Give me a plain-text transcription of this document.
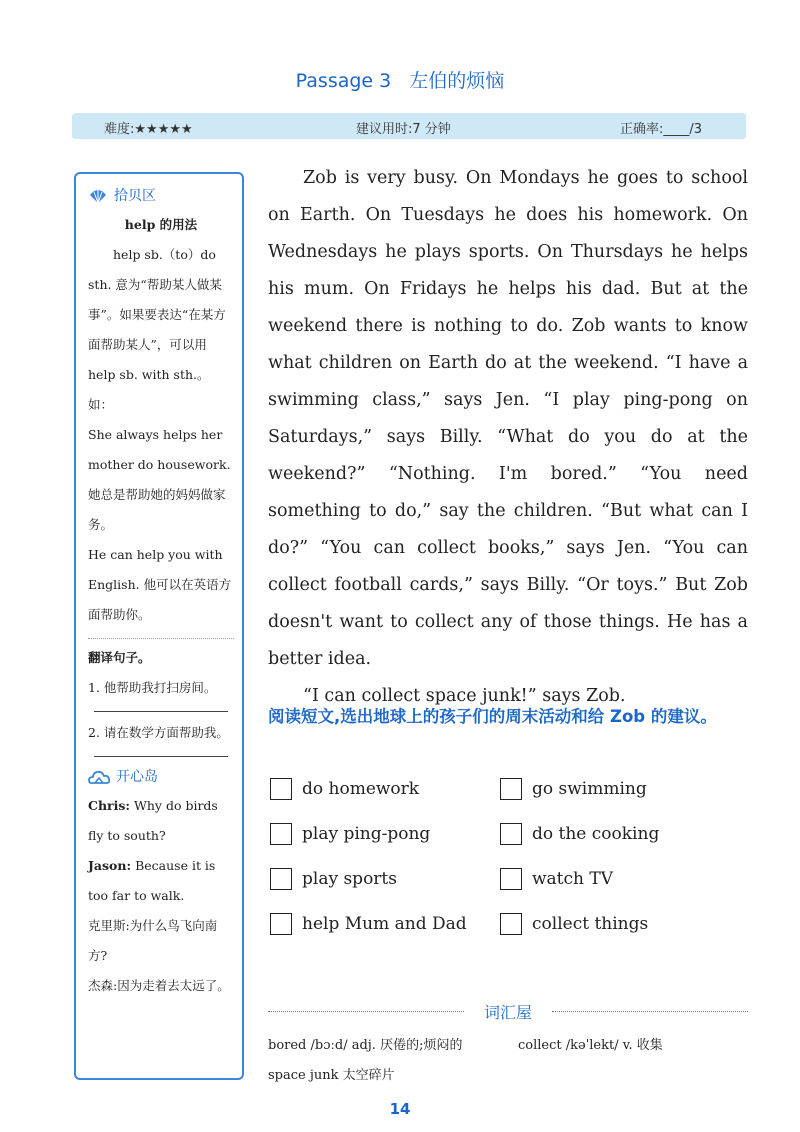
Passage 3 左伯的烦恼
难度:★★★★★	建议用时:7 分钟	正确率:____/3
拾贝区
help 的用法

help sb.（to）do sth. 意为“帮助某人做某事”。如果要表达“在某方面帮助某人”，可以用 help sb. with sth.。如：

She always helps her mother do housework.

她总是帮助她的妈妈做家务。

He can help you with English. 他可以在英语方面帮助你。

翻译句子。

1. 他帮助我打扫房间。

2. 请在数学方面帮助我。

开心岛

Chris: Why do birds fly to south?

Jason: Because it is too far to walk.

克里斯:为什么鸟飞向南方?

杰森:因为走着去太远了。

Zob is very busy. On Mondays he goes to school on Earth. On Tuesdays he does his homework. On Wednesdays he plays sports. On Thursdays he helps his mum. On Fridays he helps his dad. But at the weekend there is nothing to do. Zob wants to know what children on Earth do at the weekend. “I have a swimming class,” says Jen. “I play ping-pong on Saturdays,” says Billy. “What do you do at the weekend?” “Nothing. I'm bored.” “You need something to do,” say the children. “But what can I do?” “You can collect books,” says Jen. “You can collect football cards,” says Billy. “Or toys.” But Zob doesn't want to collect any of those things. He has a better idea.

“I can collect space junk!” says Zob.

阅读短文,选出地球上的孩子们的周末活动和给 Zob 的建议。
do homework	go swimming
play ping-pong	do the cooking
play sports	watch TV
help Mum and Dad	collect things
词汇屋
bored /bɔːd/ adj. 厌倦的;烦闷的	collect /kəˈlekt/ v. 收集
space junk 太空碎片
14
